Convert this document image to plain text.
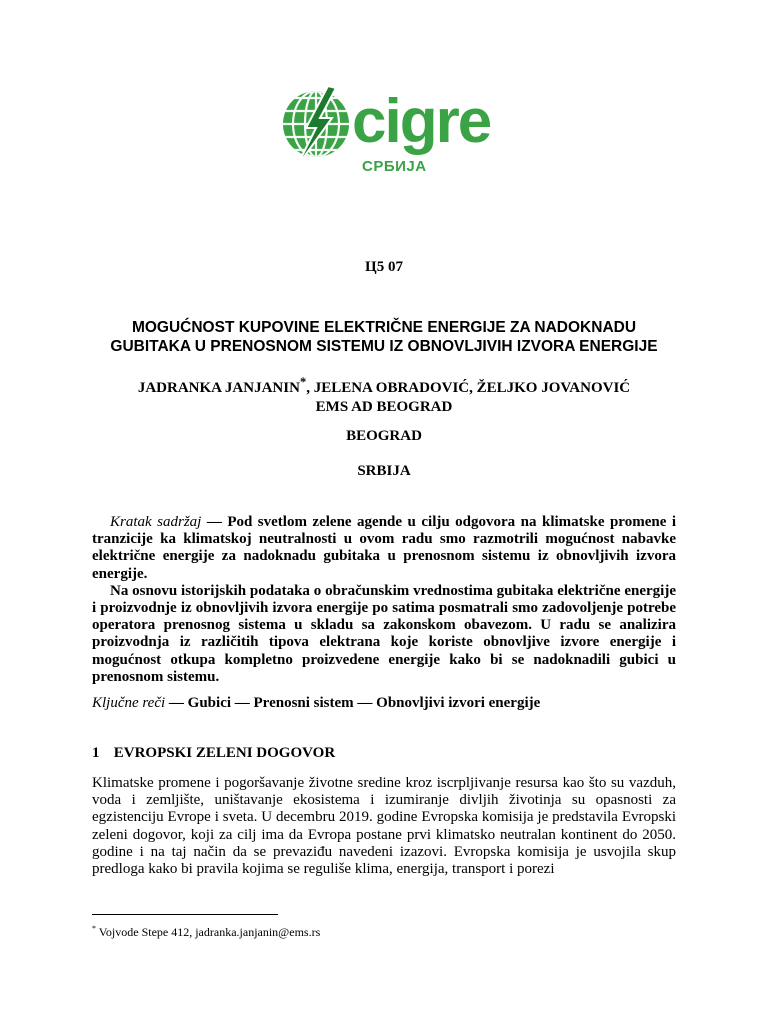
cigre
СРБИЈА
Ц5 07
MOGUĆNOST KUPOVINE ELEKTRIČNE ENERGIJE ZA NADOKNADU
GUBITAKA U PRENOSNOM SISTEMU IZ OBNOVLJIVIH IZVORA ENERGIJE
JADRANKA JANJANIN*, JELENA OBRADOVIĆ, ŽELJKO JOVANOVIĆ
EMS AD BEOGRAD
BEOGRAD
SRBIJA

Kratak sadržaj — Pod svetlom zelene agende u cilju odgovora na klimatske promene i tranzicije ka klimatskoj neutralnosti u ovom radu smo razmotrili mogućnost nabavke električne energije za nadoknadu gubitaka u prenosnom sistemu iz obnovljivih izvora energije.

Na osnovu istorijskih podataka o obračunskim vrednostima gubitaka električne energije i proizvodnje iz obnovljivih izvora energije po satima posmatrali smo zadovoljenje potrebe operatora prenosnog sistema u skladu sa zakonskom obavezom. U radu se analizira proizvodnja iz različitih tipova elektrana koje koriste obnovljive izvore energije i mogućnost otkupa kompletno proizvedene energije kako bi se nadoknadili gubici u prenosnom sistemu.

Ključne reči — Gubici — Prenosni sistem — Obnovljivi izvori energije
1 EVROPSKI ZELENI DOGOVOR

Klimatske promene i pogoršavanje životne sredine kroz iscrpljivanje resursa kao što su vazduh, voda i zemljište, uništavanje ekosistema i izumiranje divljih životinja su opasnosti za egzistenciju Evrope i sveta. U decembru 2019. godine Evropska komisija je predstavila Evropski zeleni dogovor, koji za cilj ima da Evropa postane prvi klimatsko neutralan kontinent do 2050. godine i na taj način da se prevaziđu navedeni izazovi. Evropska komisija je usvojila skup predloga kako bi pravila kojima se reguliše klima, energija, transport i porezi

* Vojvode Stepe 412, jadranka.janjanin@ems.rs
